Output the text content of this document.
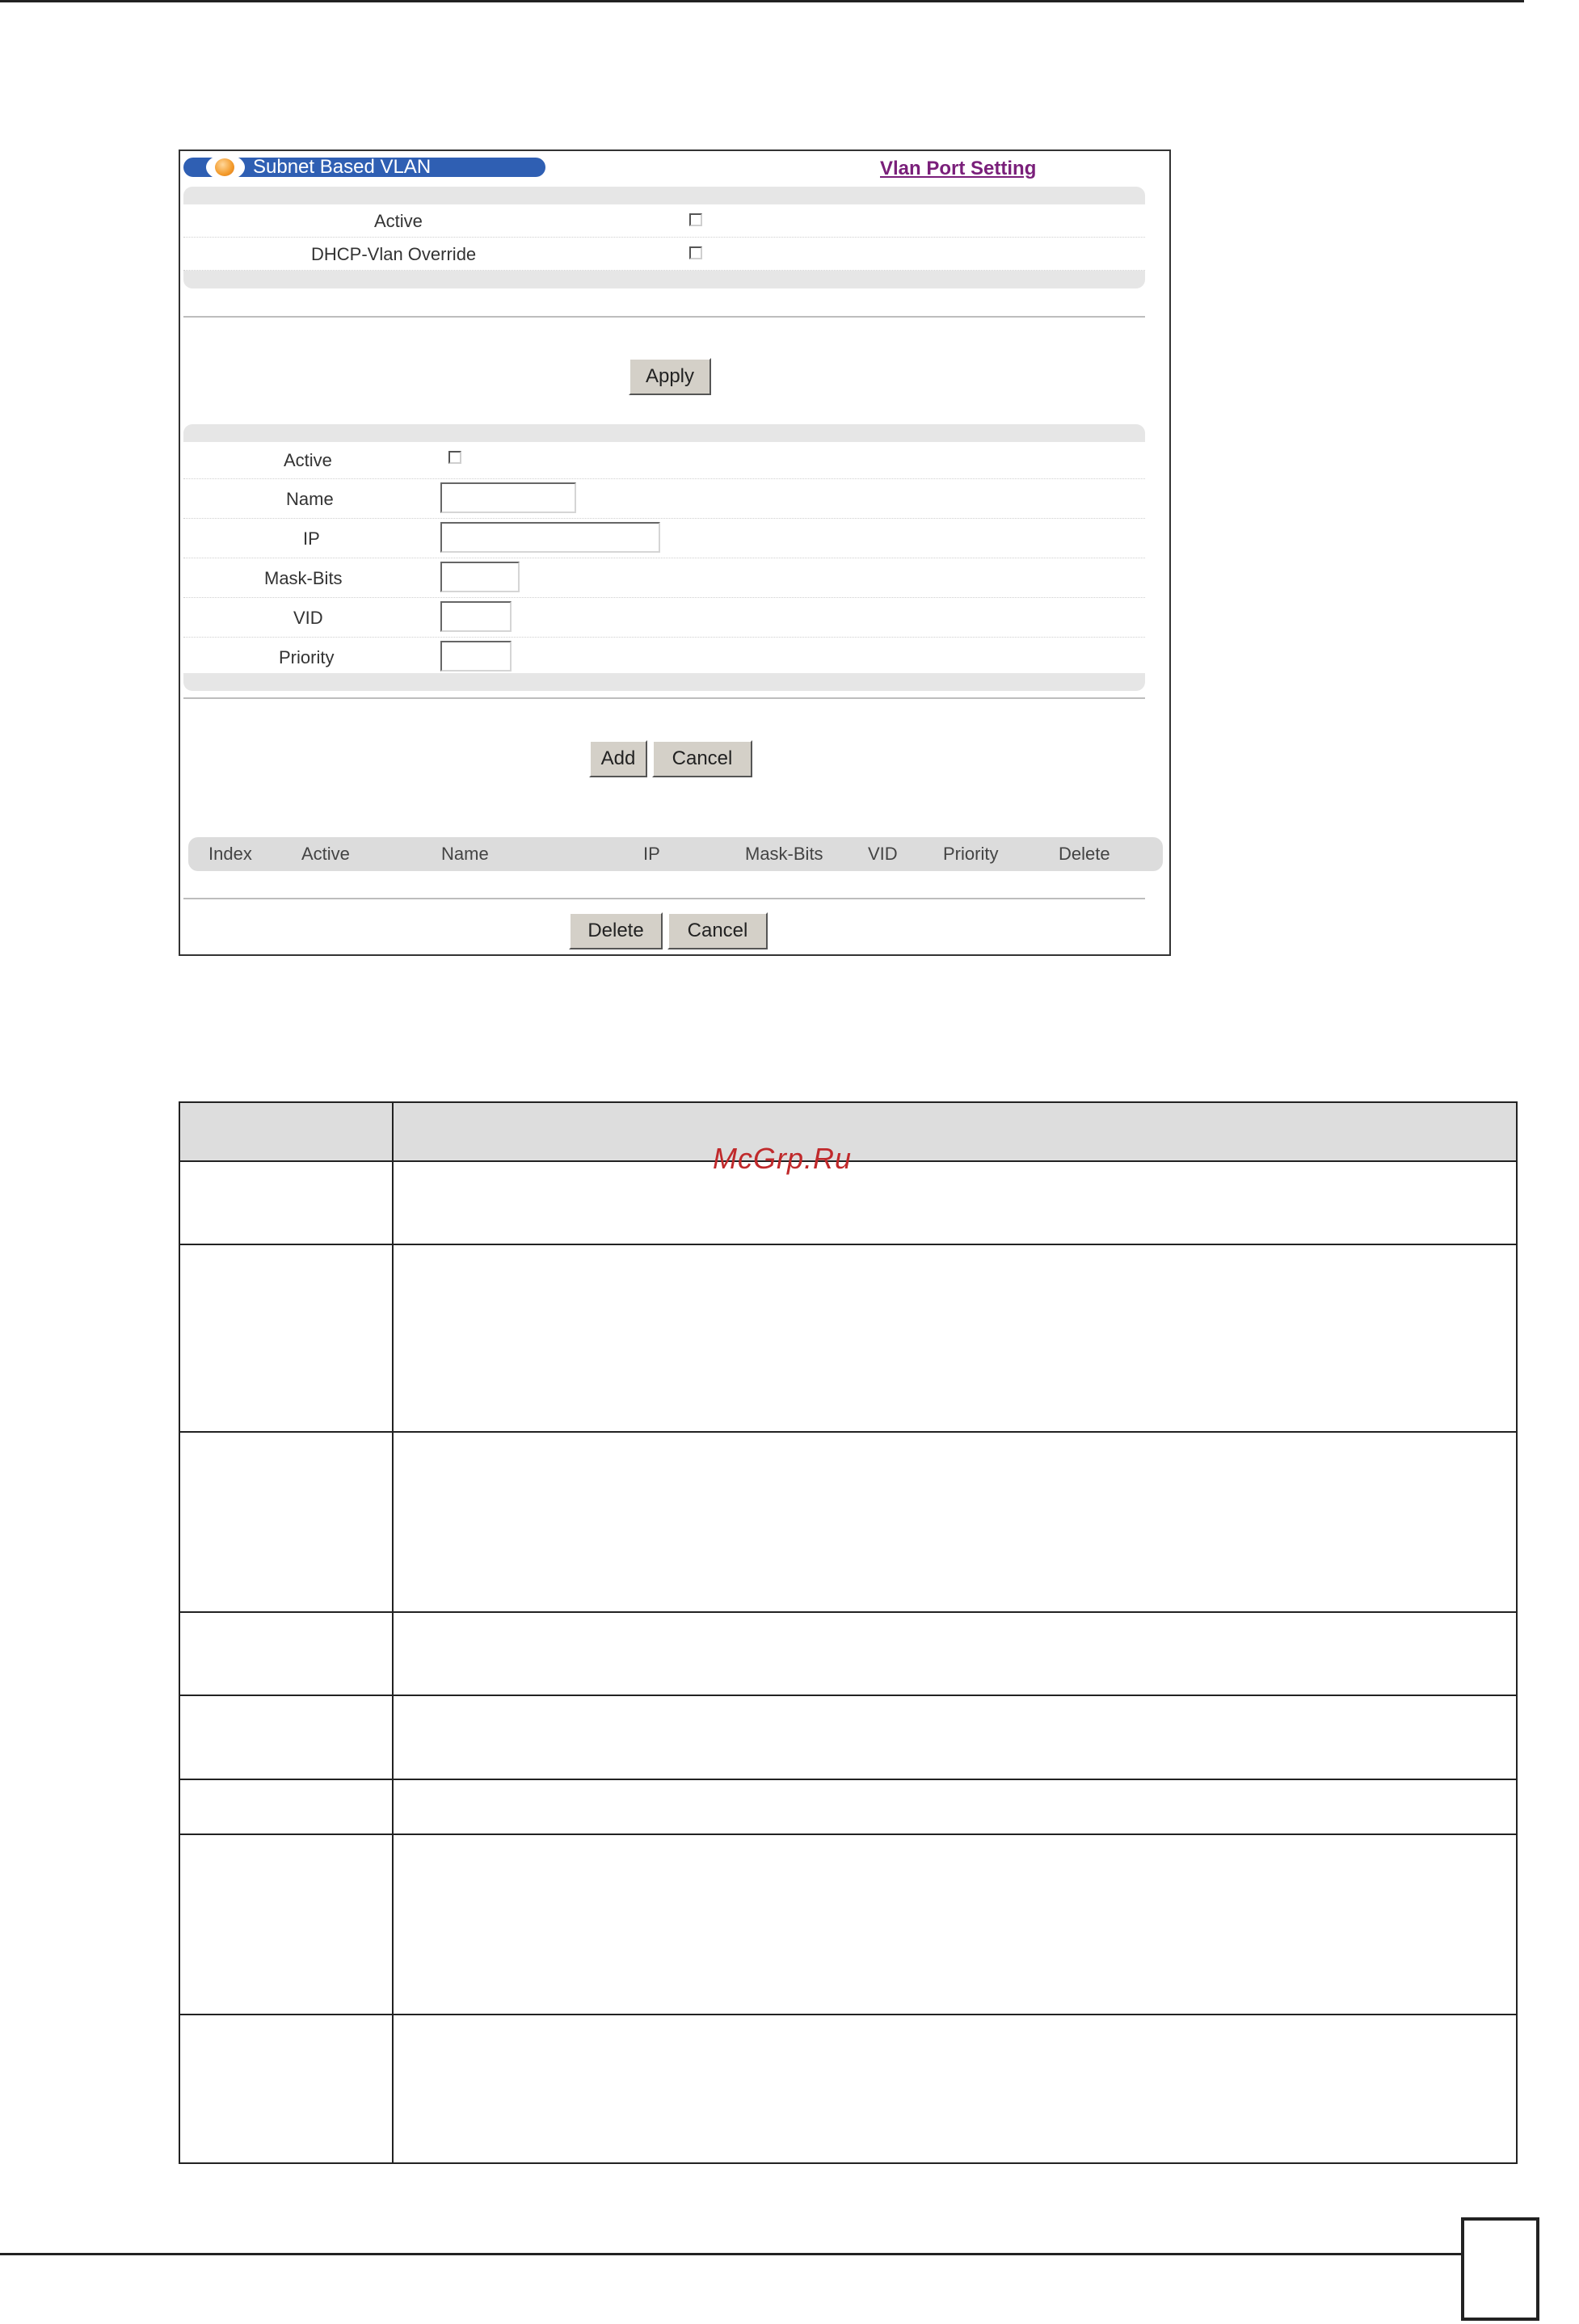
Subnet Based VLAN	Vlan Port Setting
Active
DHCP-Vlan Override
Apply
Active
Name
IP
Mask-Bits
VID
Priority
Add	Cancel
Index	Active	Name	IP	Mask-Bits	VID	Priority	Delete
Delete	Cancel
McGrp.Ru
